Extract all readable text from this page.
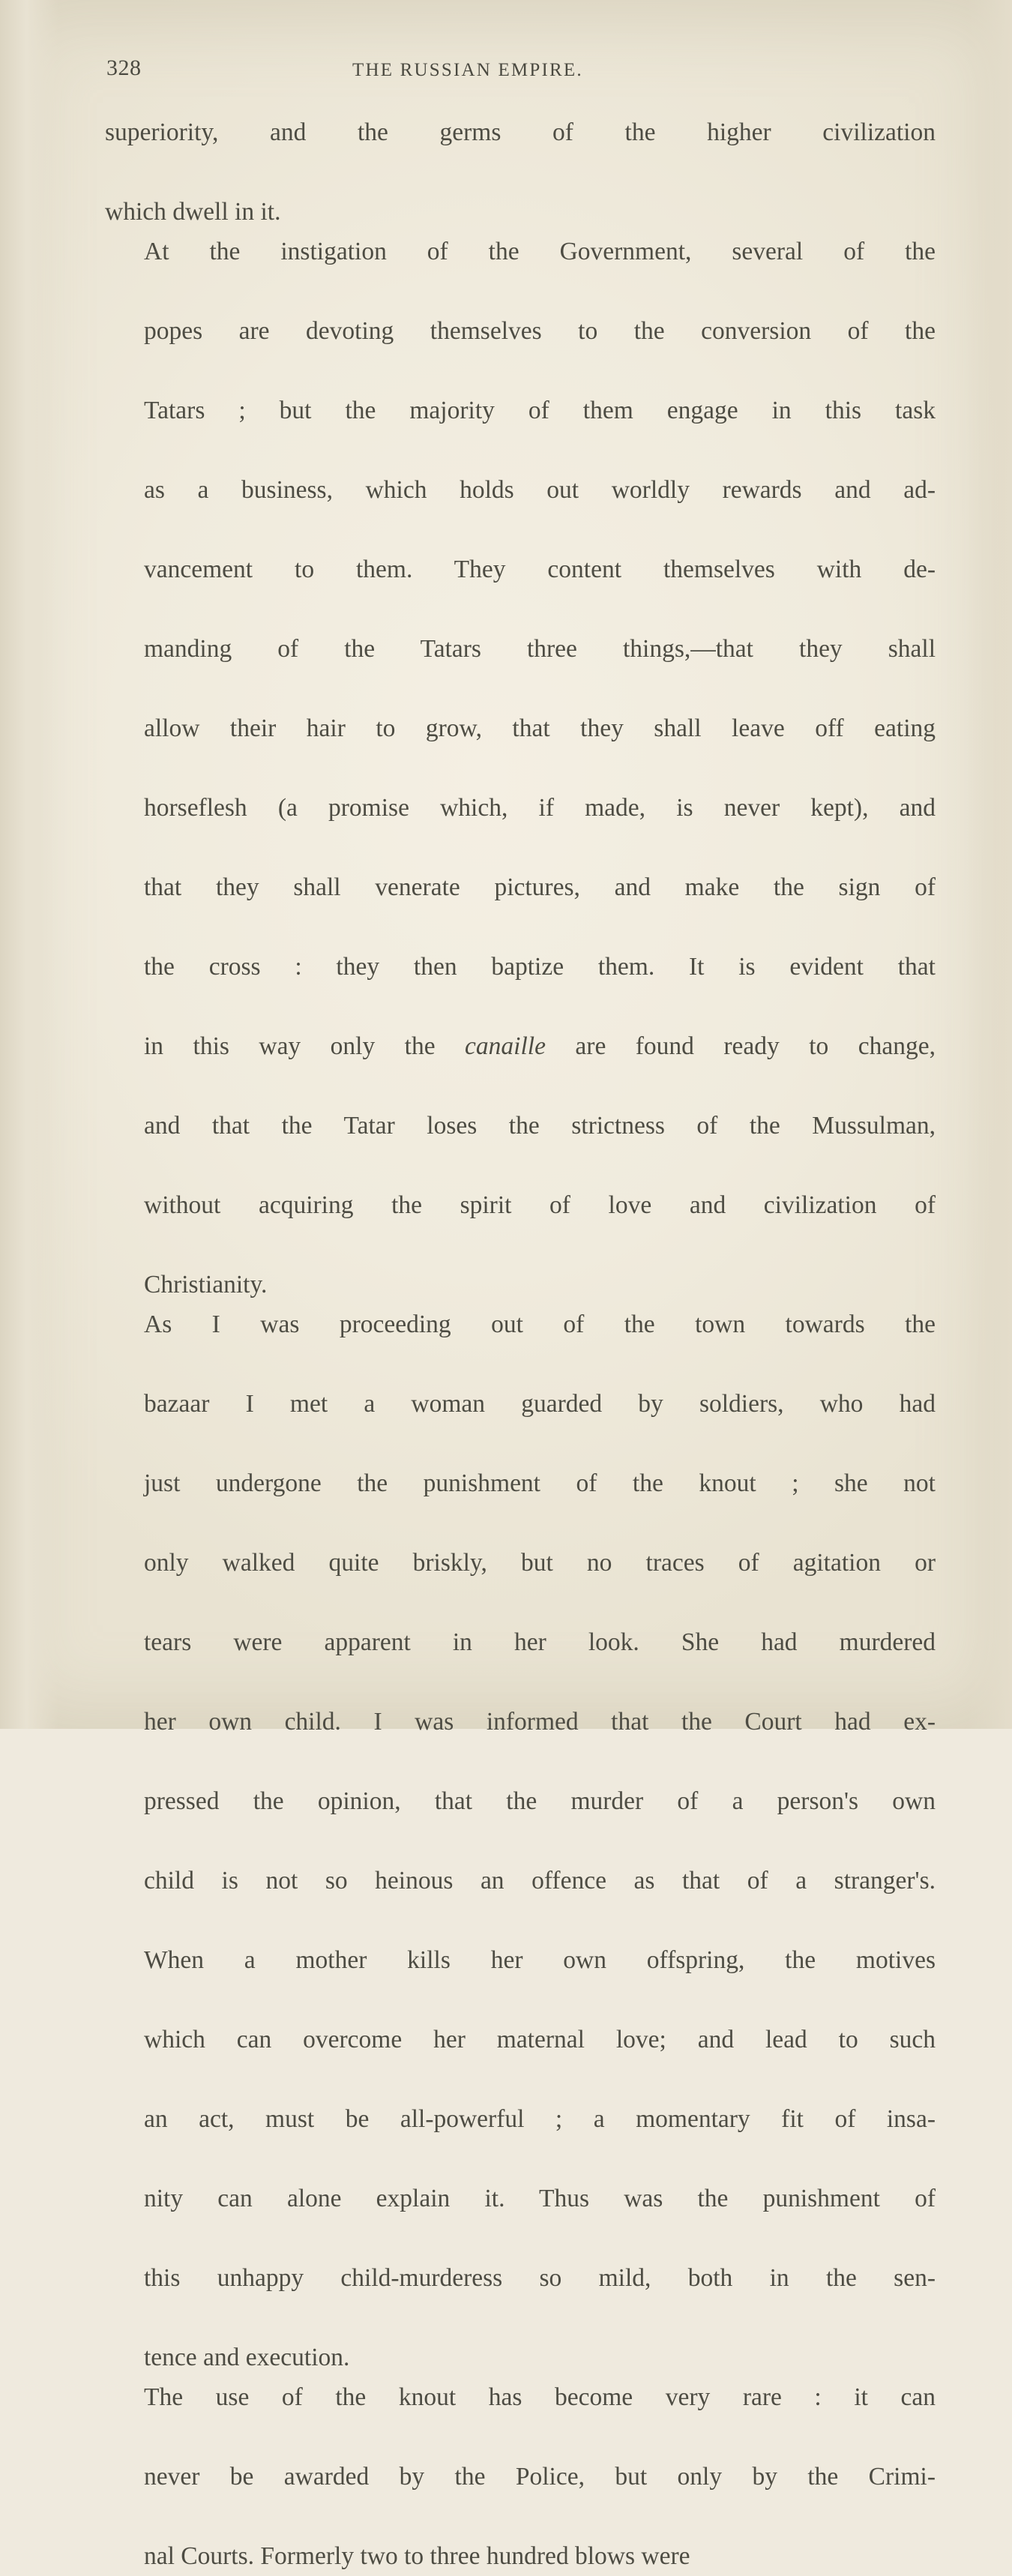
328	THE RUSSIAN EMPIRE.

superiority, and the germs of the higher civilization
which dwell in it.

At the instigation of the Government, several of the
popes are devoting themselves to the conversion of the
Tatars ; but the majority of them engage in this task
as a business, which holds out worldly rewards and ad-
vancement to them. They content themselves with de-
manding of the Tatars three things,—that they shall
allow their hair to grow, that they shall leave off eating
horseflesh (a promise which, if made, is never kept), and
that they shall venerate pictures, and make the sign of
the cross : they then baptize them. It is evident that
in this way only the canaille are found ready to change,
and that the Tatar loses the strictness of the Mussulman,
without acquiring the spirit of love and civilization of
Christianity.

As I was proceeding out of the town towards the
bazaar I met a woman guarded by soldiers, who had
just undergone the punishment of the knout ; she not
only walked quite briskly, but no traces of agitation or
tears were apparent in her look. She had murdered
her own child. I was informed that the Court had ex-
pressed the opinion, that the murder of a person's own
child is not so heinous an offence as that of a stranger's.
When a mother kills her own offspring, the motives
which can overcome her maternal love; and lead to such
an act, must be all-powerful ; a momentary fit of insa-
nity can alone explain it. Thus was the punishment of
this unhappy child-murderess so mild, both in the sen-
tence and execution.

The use of the knout has become very rare : it can
never be awarded by the Police, but only by the Crimi-
nal Courts. Formerly two to three hundred blows were
